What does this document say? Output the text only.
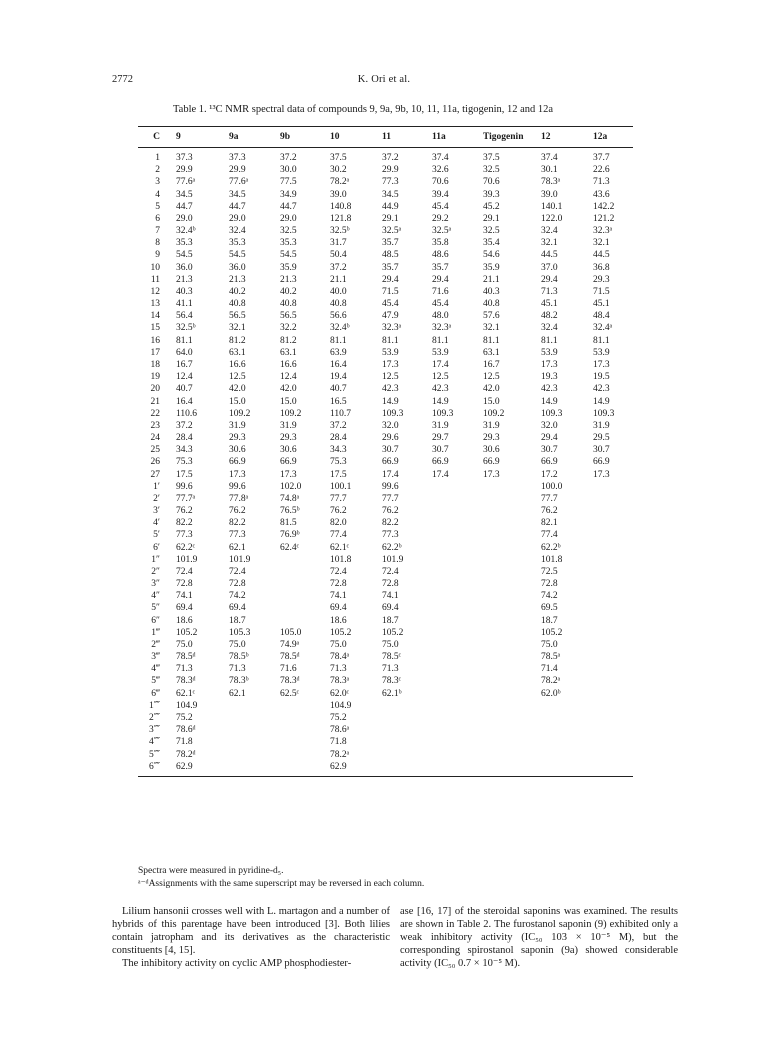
2772	K. Ori et al.
Table 1. ¹³C NMR spectral data of compounds 9, 9a, 9b, 10, 11, 11a, tigogenin, 12 and 12a
C	9	9a	9b	10	11	11a	Tigogenin	12	12a
1	37.3	37.3	37.2	37.5	37.2	37.4	37.5	37.4	37.7
2	29.9	29.9	30.0	30.2	29.9	32.6	32.5	30.1	22.6
3	77.6ᵃ	77.6ᵃ	77.5	78.2ᵃ	77.3	70.6	70.6	78.3ᵃ	71.3
4	34.5	34.5	34.9	39.0	34.5	39.4	39.3	39.0	43.6
5	44.7	44.7	44.7	140.8	44.9	45.4	45.2	140.1	142.2
6	29.0	29.0	29.0	121.8	29.1	29.2	29.1	122.0	121.2
7	32.4ᵇ	32.4	32.5	32.5ᵇ	32.5ᵃ	32.5ᵃ	32.5	32.4	32.3ᵃ
8	35.3	35.3	35.3	31.7	35.7	35.8	35.4	32.1	32.1
9	54.5	54.5	54.5	50.4	48.5	48.6	54.6	44.5	44.5
10	36.0	36.0	35.9	37.2	35.7	35.7	35.9	37.0	36.8
11	21.3	21.3	21.3	21.1	29.4	29.4	21.1	29.4	29.3
12	40.3	40.2	40.2	40.0	71.5	71.6	40.3	71.3	71.5
13	41.1	40.8	40.8	40.8	45.4	45.4	40.8	45.1	45.1
14	56.4	56.5	56.5	56.6	47.9	48.0	57.6	48.2	48.4
15	32.5ᵇ	32.1	32.2	32.4ᵇ	32.3ᵃ	32.3ᵃ	32.1	32.4	32.4ᵃ
16	81.1	81.2	81.2	81.1	81.1	81.1	81.1	81.1	81.1
17	64.0	63.1	63.1	63.9	53.9	53.9	63.1	53.9	53.9
18	16.7	16.6	16.6	16.4	17.3	17.4	16.7	17.3	17.3
19	12.4	12.5	12.4	19.4	12.5	12.5	12.5	19.3	19.5
20	40.7	42.0	42.0	40.7	42.3	42.3	42.0	42.3	42.3
21	16.4	15.0	15.0	16.5	14.9	14.9	15.0	14.9	14.9
22	110.6	109.2	109.2	110.7	109.3	109.3	109.2	109.3	109.3
23	37.2	31.9	31.9	37.2	32.0	31.9	31.9	32.0	31.9
24	28.4	29.3	29.3	28.4	29.6	29.7	29.3	29.4	29.5
25	34.3	30.6	30.6	34.3	30.7	30.7	30.6	30.7	30.7
26	75.3	66.9	66.9	75.3	66.9	66.9	66.9	66.9	66.9
27	17.5	17.3	17.3	17.5	17.4	17.4	17.3	17.2	17.3
1′	99.6	99.6	102.0	100.1	99.6			100.0	
2′	77.7ᵃ	77.8ᵃ	74.8ᵃ	77.7	77.7			77.7	
3′	76.2	76.2	76.5ᵇ	76.2	76.2			76.2	
4′	82.2	82.2	81.5	82.0	82.2			82.1	
5′	77.3	77.3	76.9ᵇ	77.4	77.3			77.4	
6′	62.2ᶜ	62.1	62.4ᶜ	62.1ᶜ	62.2ᵇ			62.2ᵇ	
1″	101.9	101.9		101.8	101.9			101.8	
2″	72.4	72.4		72.4	72.4			72.5	
3″	72.8	72.8		72.8	72.8			72.8	
4″	74.1	74.2		74.1	74.1			74.2	
5″	69.4	69.4		69.4	69.4			69.5	
6″	18.6	18.7		18.6	18.7			18.7	
1‴	105.2	105.3	105.0	105.2	105.2			105.2	
2‴	75.0	75.0	74.9ᵃ	75.0	75.0			75.0	
3‴	78.5ᵈ	78.5ᵇ	78.5ᵈ	78.4ᵃ	78.5ᶜ			78.5ᵃ	
4‴	71.3	71.3	71.6	71.3	71.3			71.4	
5‴	78.3ᵈ	78.3ᵇ	78.3ᵈ	78.3ᵃ	78.3ᶜ			78.2ᵃ	
6‴	62.1ᶜ	62.1	62.5ᶜ	62.0ᶜ	62.1ᵇ			62.0ᵇ	
1⁗	104.9			104.9					
2⁗	75.2			75.2					
3⁗	78.6ᵈ			78.6ᵃ					
4⁗	71.8			71.8					
5⁗	78.2ᵈ			78.2ᵃ					
6⁗	62.9			62.9					
Spectra were measured in pyridine-d₅.
ᵃ⁻ᵈAssignments with the same superscript may be reversed in each column.

Lilium hansonii crosses well with L. martagon and a number of hybrids of this parentage have been introduced [3]. Both lilies contain jatropham and its derivatives as the characteristic constituents [4, 15].

The inhibitory activity on cyclic AMP phosphodiester-

ase [16, 17] of the steroidal saponins was examined. The results are shown in Table 2. The furostanol saponin (9) exhibited only a weak inhibitory activity (IC₅₀ 103 × 10⁻⁵ M), but the corresponding spirostanol saponin (9a) showed considerable activity (IC₅₀ 0.7 × 10⁻⁵ M).
